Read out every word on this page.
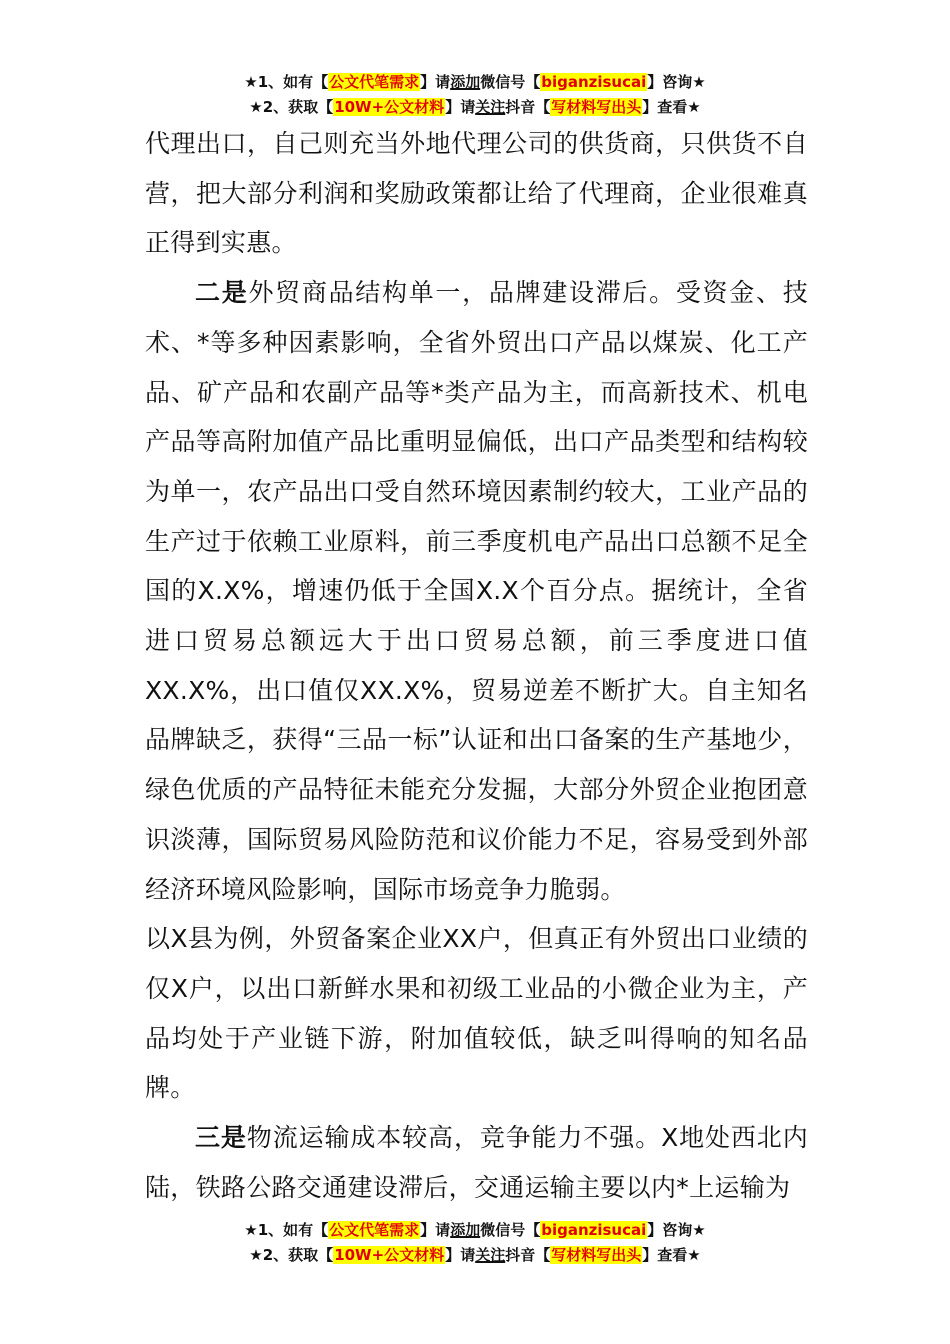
★1、如有【公文代笔需求】请添加微信号【biganzisucai】咨询★
★2、获取【10W+公文材料】请关注抖音【写材料写出头】查看★

代理出口，自己则充当外地代理公司的供货商，只供货不自营，把大部分利润和奖励政策都让给了代理商，企业很难真正得到实惠。

二是外贸商品结构单一，品牌建设滞后。受资金、技术、*等多种因素影响，全省外贸出口产品以煤炭、化工产品、矿产品和农副产品等*类产品为主，而高新技术、机电产品等高附加值产品比重明显偏低，出口产品类型和结构较为单一，农产品出口受自然环境因素制约较大，工业产品的生产过于依赖工业原料，前三季度机电产品出口总额不足全国的X.X%，增速仍低于全国X.X个百分点。据统计，全省进口贸易总额远大于出口贸易总额，前三季度进口值XX.X%，出口值仅XX.X%，贸易逆差不断扩大。自主知名品牌缺乏，获得“三品一标”认证和出口备案的生产基地少，绿色优质的产品特征未能充分发掘，大部分外贸企业抱团意识淡薄，国际贸易风险防范和议价能力不足，容易受到外部经济环境风险影响，国际市场竞争力脆弱。

以X县为例，外贸备案企业XX户，但真正有外贸出口业绩的仅X户，以出口新鲜水果和初级工业品的小微企业为主，产品均处于产业链下游，附加值较低，缺乏叫得响的知名品牌。

三是物流运输成本较高，竞争能力不强。X地处西北内陆，铁路公路交通建设滞后，交通运输主要以内*上运输为

★1、如有【公文代笔需求】请添加微信号【biganzisucai】咨询★
★2、获取【10W+公文材料】请关注抖音【写材料写出头】查看★
